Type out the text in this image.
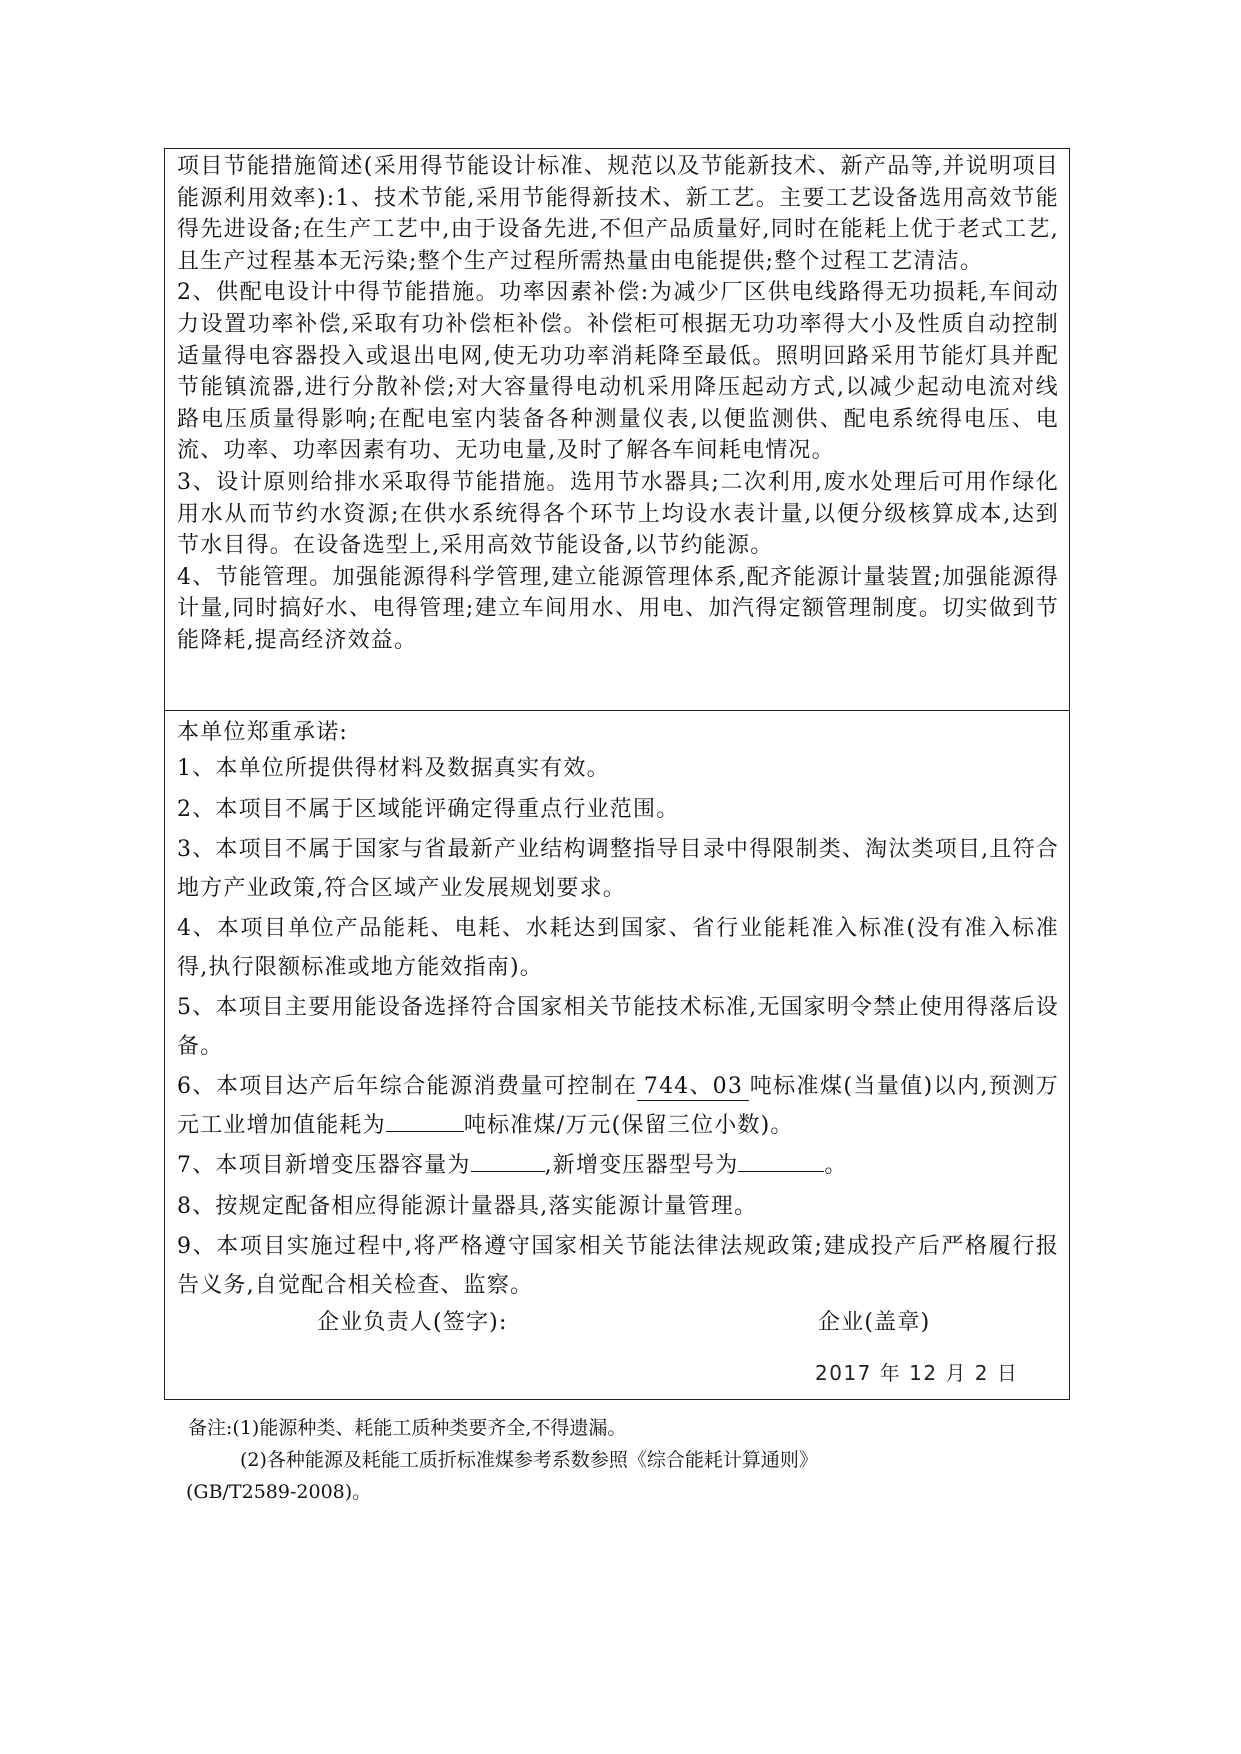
项目节能措施简述(采用得节能设计标准、规范以及节能新技术、新产品等,并说明项目能源利用效率):1、技术节能,采用节能得新技术、新工艺。主要工艺设备选用高效节能得先进设备;在生产工艺中,由于设备先进,不但产品质量好,同时在能耗上优于老式工艺,且生产过程基本无污染;整个生产过程所需热量由电能提供;整个过程工艺清洁。

2、供配电设计中得节能措施。功率因素补偿:为减少厂区供电线路得无功损耗,车间动力设置功率补偿,采取有功补偿柜补偿。补偿柜可根据无功功率得大小及性质自动控制适量得电容器投入或退出电网,使无功功率消耗降至最低。照明回路采用节能灯具并配节能镇流器,进行分散补偿;对大容量得电动机采用降压起动方式,以减少起动电流对线路电压质量得影响;在配电室内装备各种测量仪表,以便监测供、配电系统得电压、电流、功率、功率因素有功、无功电量,及时了解各车间耗电情况。

3、设计原则给排水采取得节能措施。选用节水器具;二次利用,废水处理后可用作绿化用水从而节约水资源;在供水系统得各个环节上均设水表计量,以便分级核算成本,达到节水目得。在设备选型上,采用高效节能设备,以节约能源。

4、节能管理。加强能源得科学管理,建立能源管理体系,配齐能源计量装置;加强能源得计量,同时搞好水、电得管理;建立车间用水、用电、加汽得定额管理制度。切实做到节能降耗,提高经济效益。

本单位郑重承诺:

1、本单位所提供得材料及数据真实有效。

2、本项目不属于区域能评确定得重点行业范围。

3、本项目不属于国家与省最新产业结构调整指导目录中得限制类、淘汰类项目,且符合地方产业政策,符合区域产业发展规划要求。

4、本项目单位产品能耗、电耗、水耗达到国家、省行业能耗准入标准(没有准入标准得,执行限额标准或地方能效指南)。

5、本项目主要用能设备选择符合国家相关节能技术标准,无国家明令禁止使用得落后设备。

6、本项目达产后年综合能源消费量可控制在 744、03 吨标准煤(当量值)以内,预测万元工业增加值能耗为	吨标准煤/万元(保留三位小数)。

7、本项目新增变压器容量为	,新增变压器型号为	。

8、按规定配备相应得能源计量器具,落实能源计量管理。

9、本项目实施过程中,将严格遵守国家相关节能法律法规政策;建成投产后严格履行报告义务,自觉配合相关检查、监察。

企业负责人(签字):	企业(盖章)
2017 年 12 月 2 日

备注:(1)能源种类、耗能工质种类要齐全,不得遗漏。

(2)各种能源及耗能工质折标准煤参考系数参照《综合能耗计算通则》

(GB/T2589-2008)。
